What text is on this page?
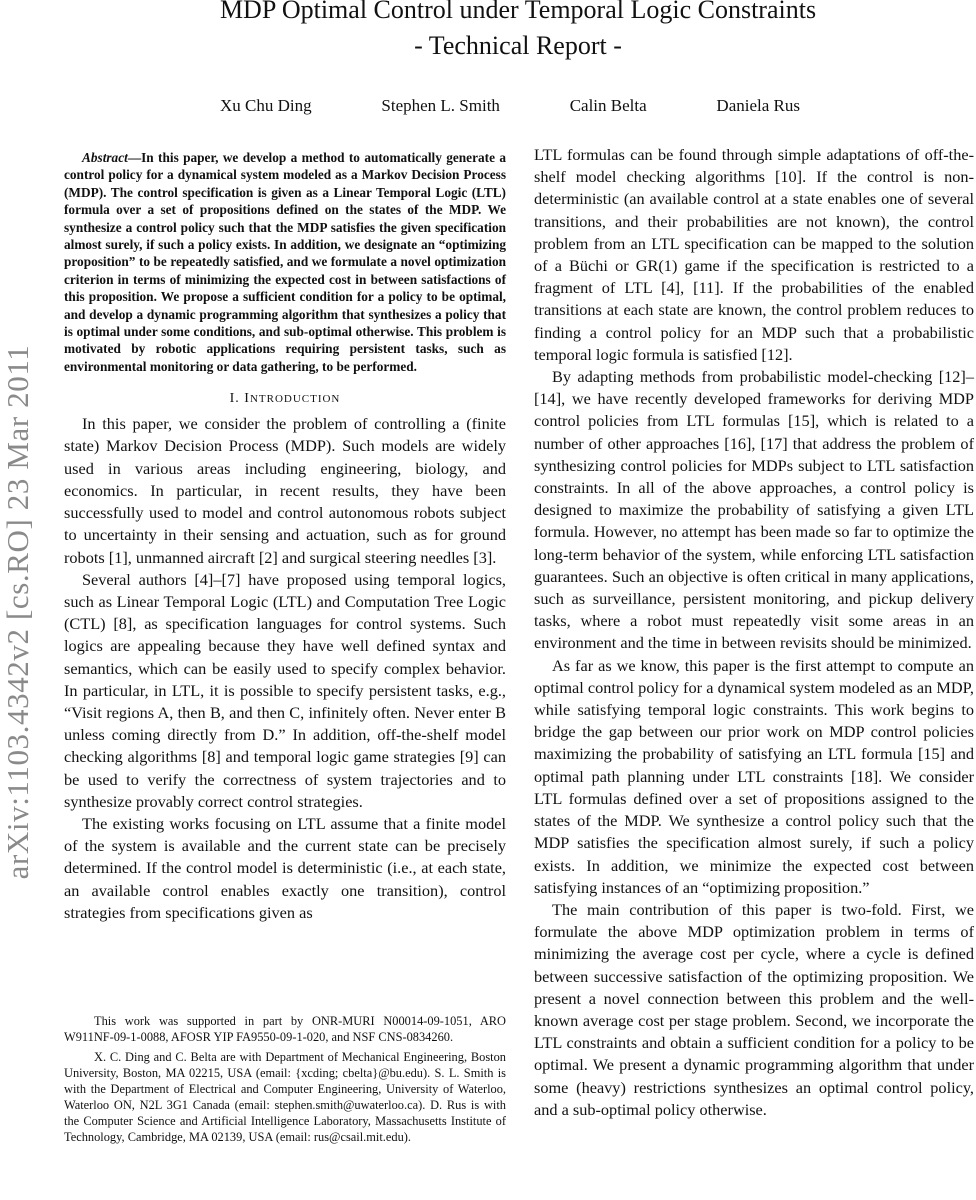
arXiv:1103.4342v2 [cs.RO] 23 Mar 2011
MDP Optimal Control under Temporal Logic Constraints
- Technical Report -
Xu Chu Ding	Stephen L. Smith	Calin Belta	Daniela Rus

Abstract—In this paper, we develop a method to automatically generate a control policy for a dynamical system modeled as a Markov Decision Process (MDP). The control specification is given as a Linear Temporal Logic (LTL) formula over a set of propositions defined on the states of the MDP. We synthesize a control policy such that the MDP satisfies the given specification almost surely, if such a policy exists. In addition, we designate an “optimizing proposition” to be repeatedly satisfied, and we formulate a novel optimization criterion in terms of minimizing the expected cost in between satisfactions of this proposition. We propose a sufficient condition for a policy to be optimal, and develop a dynamic programming algorithm that synthesizes a policy that is optimal under some conditions, and sub-optimal otherwise. This problem is motivated by robotic applications requiring persistent tasks, such as environmental monitoring or data gathering, to be performed.

I. INTRODUCTION

In this paper, we consider the problem of controlling a (finite state) Markov Decision Process (MDP). Such models are widely used in various areas including engineering, biology, and economics. In particular, in recent results, they have been successfully used to model and control autonomous robots subject to uncertainty in their sensing and actuation, such as for ground robots [1], unmanned aircraft [2] and surgical steering needles [3].

Several authors [4]–[7] have proposed using temporal logics, such as Linear Temporal Logic (LTL) and Computation Tree Logic (CTL) [8], as specification languages for control systems. Such logics are appealing because they have well defined syntax and semantics, which can be easily used to specify complex behavior. In particular, in LTL, it is possible to specify persistent tasks, e.g., “Visit regions A, then B, and then C, infinitely often. Never enter B unless coming directly from D.” In addition, off-the-shelf model checking algorithms [8] and temporal logic game strategies [9] can be used to verify the correctness of system trajectories and to synthesize provably correct control strategies.

The existing works focusing on LTL assume that a finite model of the system is available and the current state can be precisely determined. If the control model is deterministic (i.e., at each state, an available control enables exactly one transition), control strategies from specifications given as

This work was supported in part by ONR-MURI N00014-09-1051, ARO W911NF-09-1-0088, AFOSR YIP FA9550-09-1-020, and NSF CNS-0834260.

X. C. Ding and C. Belta are with Department of Mechanical Engineering, Boston University, Boston, MA 02215, USA (email: {xcding; cbelta}@bu.edu). S. L. Smith is with the Department of Electrical and Computer Engineering, University of Waterloo, Waterloo ON, N2L 3G1 Canada (email: stephen.smith@uwaterloo.ca). D. Rus is with the Computer Science and Artificial Intelligence Laboratory, Massachusetts Institute of Technology, Cambridge, MA 02139, USA (email: rus@csail.mit.edu).

LTL formulas can be found through simple adaptations of off-the-shelf model checking algorithms [10]. If the control is non-deterministic (an available control at a state enables one of several transitions, and their probabilities are not known), the control problem from an LTL specification can be mapped to the solution of a Büchi or GR(1) game if the specification is restricted to a fragment of LTL [4], [11]. If the probabilities of the enabled transitions at each state are known, the control problem reduces to finding a control policy for an MDP such that a probabilistic temporal logic formula is satisfied [12].

By adapting methods from probabilistic model-checking [12]–[14], we have recently developed frameworks for deriving MDP control policies from LTL formulas [15], which is related to a number of other approaches [16], [17] that address the problem of synthesizing control policies for MDPs subject to LTL satisfaction constraints. In all of the above approaches, a control policy is designed to maximize the probability of satisfying a given LTL formula. However, no attempt has been made so far to optimize the long-term behavior of the system, while enforcing LTL satisfaction guarantees. Such an objective is often critical in many applications, such as surveillance, persistent monitoring, and pickup delivery tasks, where a robot must repeatedly visit some areas in an environment and the time in between revisits should be minimized.

As far as we know, this paper is the first attempt to compute an optimal control policy for a dynamical system modeled as an MDP, while satisfying temporal logic constraints. This work begins to bridge the gap between our prior work on MDP control policies maximizing the probability of satisfying an LTL formula [15] and optimal path planning under LTL constraints [18]. We consider LTL formulas defined over a set of propositions assigned to the states of the MDP. We synthesize a control policy such that the MDP satisfies the specification almost surely, if such a policy exists. In addition, we minimize the expected cost between satisfying instances of an “optimizing proposition.”

The main contribution of this paper is two-fold. First, we formulate the above MDP optimization problem in terms of minimizing the average cost per cycle, where a cycle is defined between successive satisfaction of the optimizing proposition. We present a novel connection between this problem and the well-known average cost per stage problem. Second, we incorporate the LTL constraints and obtain a sufficient condition for a policy to be optimal. We present a dynamic programming algorithm that under some (heavy) restrictions synthesizes an optimal control policy, and a sub-optimal policy otherwise.
